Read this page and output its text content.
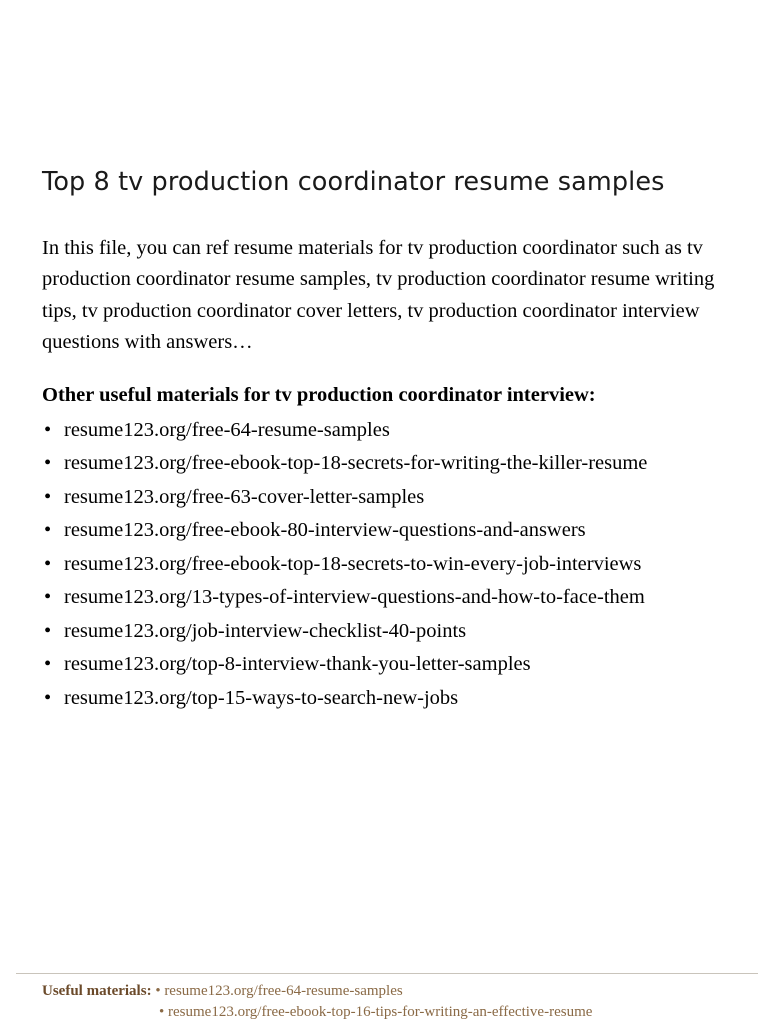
Top 8 tv production coordinator resume samples

In this file, you can ref resume materials for tv production coordinator such as tv production coordinator resume samples, tv production coordinator resume writing tips, tv production coordinator cover letters, tv production coordinator interview questions with answers…

Other useful materials for tv production coordinator interview:

• resume123.org/free-64-resume-samples
• resume123.org/free-ebook-top-18-secrets-for-writing-the-killer-resume
• resume123.org/free-63-cover-letter-samples
• resume123.org/free-ebook-80-interview-questions-and-answers
• resume123.org/free-ebook-top-18-secrets-to-win-every-job-interviews
• resume123.org/13-types-of-interview-questions-and-how-to-face-them
• resume123.org/job-interview-checklist-40-points
• resume123.org/top-8-interview-thank-you-letter-samples
• resume123.org/top-15-ways-to-search-new-jobs
Useful materials: • resume123.org/free-64-resume-samples
• resume123.org/free-ebook-top-16-tips-for-writing-an-effective-resume
